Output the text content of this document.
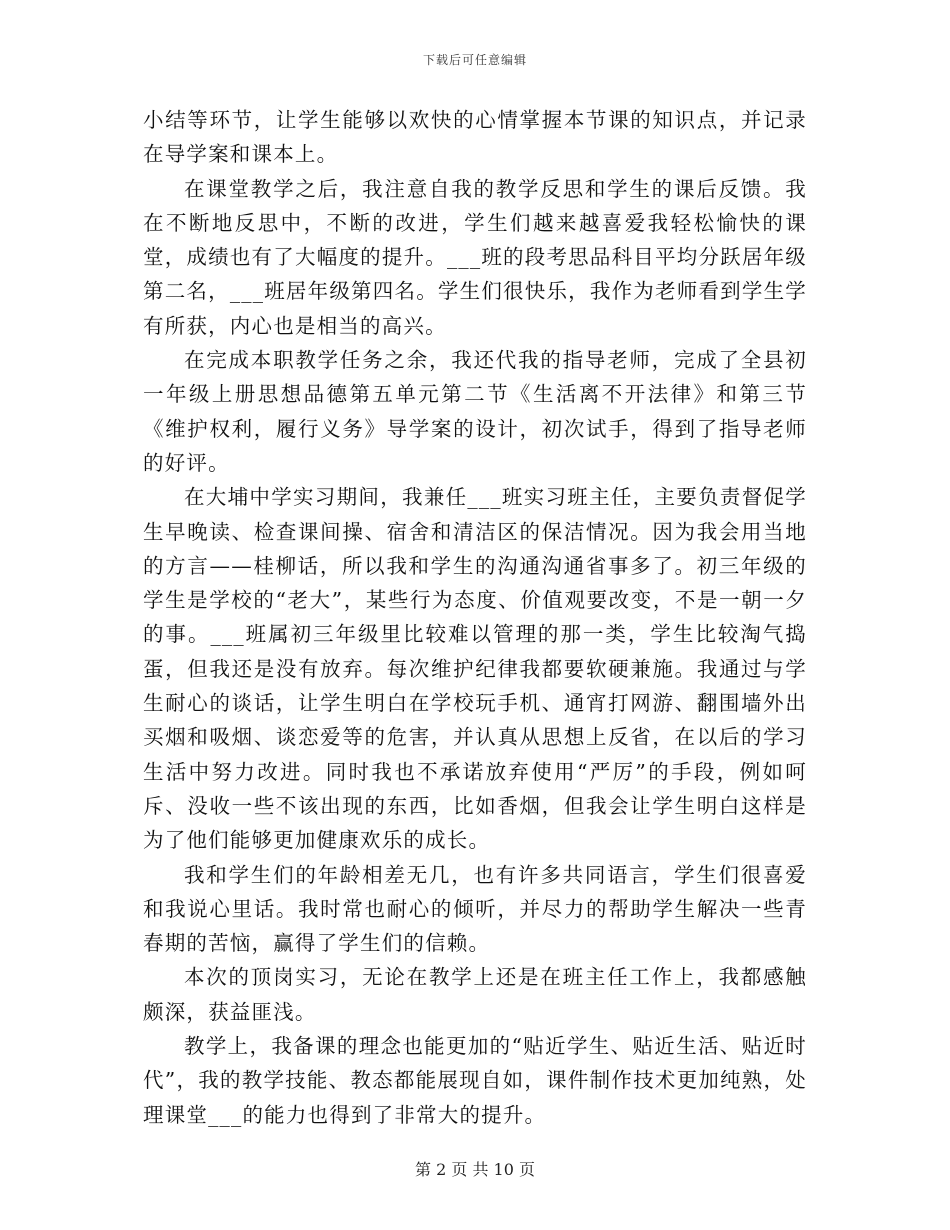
下载后可任意编辑

小结等环节，让学生能够以欢快的心情掌握本节课的知识点，并记录在导学案和课本上。

在课堂教学之后，我注意自我的教学反思和学生的课后反馈。我在不断地反思中，不断的改进，学生们越来越喜爱我轻松愉快的课堂，成绩也有了大幅度的提升。___班的段考思品科目平均分跃居年级第二名，___班居年级第四名。学生们很快乐，我作为老师看到学生学有所获，内心也是相当的高兴。

在完成本职教学任务之余，我还代我的指导老师，完成了全县初一年级上册思想品德第五单元第二节《生活离不开法律》和第三节《维护权利，履行义务》导学案的设计，初次试手，得到了指导老师的好评。

在大埔中学实习期间，我兼任___班实习班主任，主要负责督促学生早晚读、检查课间操、宿舍和清洁区的保洁情况。因为我会用当地的方言——桂柳话，所以我和学生的沟通沟通省事多了。初三年级的学生是学校的“老大”，某些行为态度、价值观要改变，不是一朝一夕的事。___班属初三年级里比较难以管理的那一类，学生比较淘气捣蛋，但我还是没有放弃。每次维护纪律我都要软硬兼施。我通过与学生耐心的谈话，让学生明白在学校玩手机、通宵打网游、翻围墙外出买烟和吸烟、谈恋爱等的危害，并认真从思想上反省，在以后的学习生活中努力改进。同时我也不承诺放弃使用“严厉”的手段，例如呵斥、没收一些不该出现的东西，比如香烟，但我会让学生明白这样是为了他们能够更加健康欢乐的成长。

我和学生们的年龄相差无几，也有许多共同语言，学生们很喜爱和我说心里话。我时常也耐心的倾听，并尽力的帮助学生解决一些青春期的苦恼，赢得了学生们的信赖。

本次的顶岗实习，无论在教学上还是在班主任工作上，我都感触颇深，获益匪浅。

教学上，我备课的理念也能更加的“贴近学生、贴近生活、贴近时代”，我的教学技能、教态都能展现自如，课件制作技术更加纯熟，处理课堂___的能力也得到了非常大的提升。

第 2 页 共 10 页
